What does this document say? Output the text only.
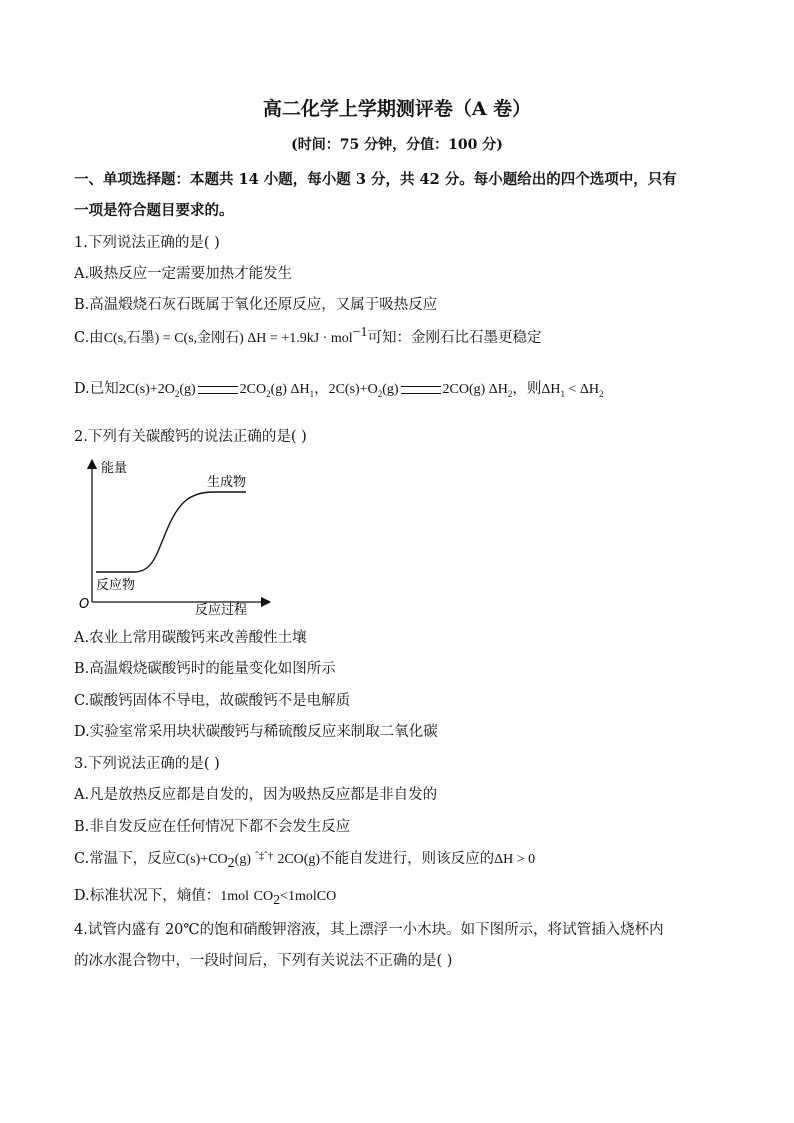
高二化学上学期测评卷（A 卷）
(时间：75 分钟，分值：100 分)
一、单项选择题：本题共 14 小题，每小题 3 分，共 42 分。每小题给出的四个选项中，只有
一项是符合题目要求的。
1.下列说法正确的是( )
A.吸热反应一定需要加热才能发生
B.高温煅烧石灰石既属于氧化还原反应，又属于吸热反应
C.由C(s,石墨) = C(s,金刚石) ΔH = +1.9kJ · mol$^{-1}$可知：金刚石比石墨更稳定
D.已知$2C(s)+2O_2(g)$	$2CO_2(g)$ $\Delta H_1$，$2C(s)+O_2(g)$	2CO(g) $\Delta H_2$，则$\Delta H_1 < \Delta H_2$
2.下列有关碳酸钙的说法正确的是( )
能量
生成物
反应物
O	反应过程
A.农业上常用碳酸钙来改善酸性土壤
B.高温煅烧碳酸钙时的能量变化如图所示
C.碳酸钙固体不导电，故碳酸钙不是电解质
D.实验室常采用块状碳酸钙与稀硫酸反应来制取二氧化碳
3.下列说法正确的是( )
A.凡是放热反应都是自发的，因为吸热反应都是非自发的
B.非自发反应在任何情况下都不会发生反应
C.常温下，反应$C(s)+CO_2(g)$ $^{ˆ\ddagger ˆ\dagger}$ 2CO(g)不能自发进行，则该反应的ΔH > 0
D.标准状况下，熵值：1mol $CO_2<1molCO$
4.试管内盛有 20℃的饱和硝酸钾溶液，其上漂浮一小木块。如下图所示，将试管插入烧杯内
的冰水混合物中，一段时间后，下列有关说法不正确的是( )
